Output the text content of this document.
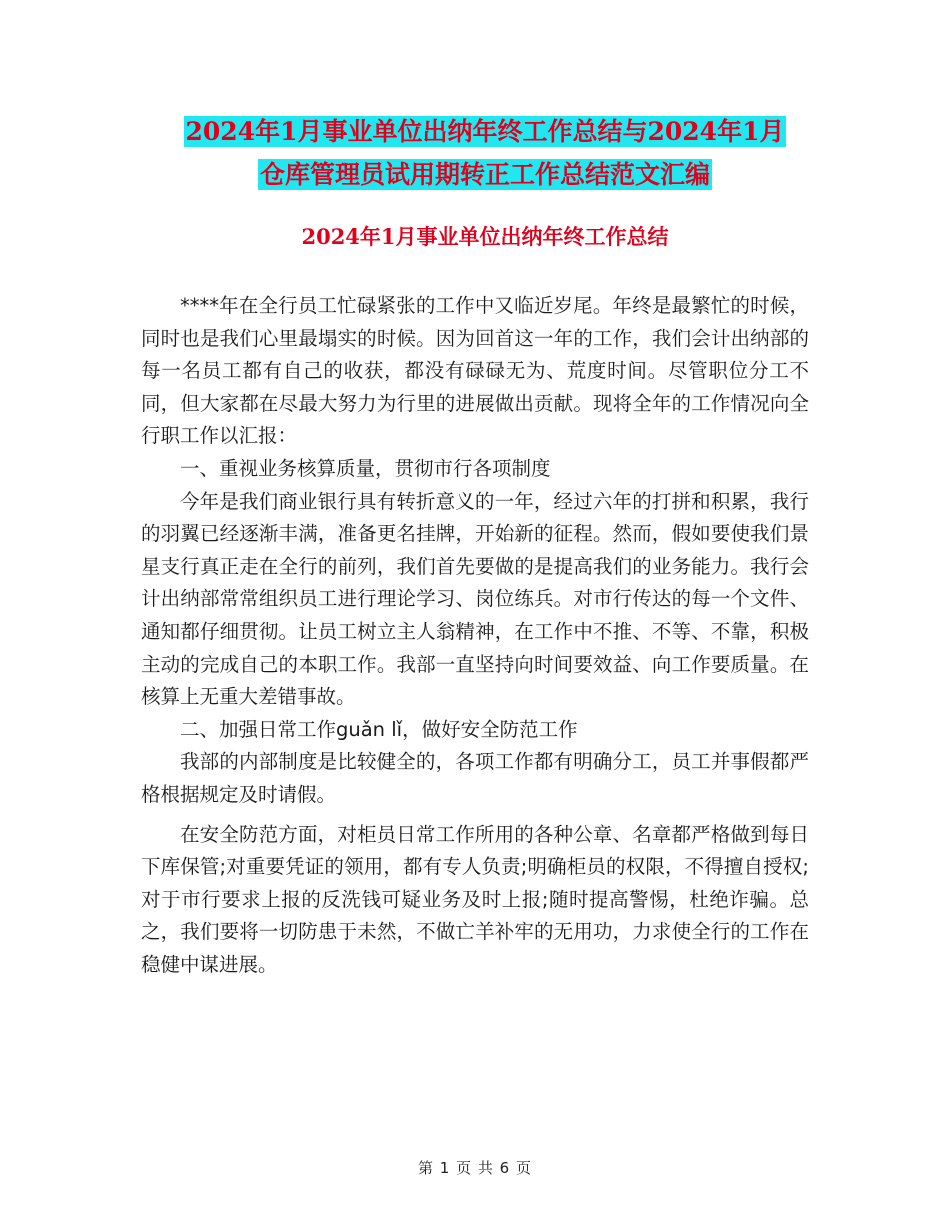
2024年1月事业单位出纳年终工作总结与2024年1月
仓库管理员试用期转正工作总结范文汇编
2024年1月事业单位出纳年终工作总结

****年在全行员工忙碌紧张的工作中又临近岁尾。年终是最繁忙的时候，同时也是我们心里最塌实的时候。因为回首这一年的工作，我们会计出纳部的每一名员工都有自己的收获，都没有碌碌无为、荒度时间。尽管职位分工不同，但大家都在尽最大努力为行里的进展做出贡献。现将全年的工作情况向全行职工作以汇报：

一、重视业务核算质量，贯彻市行各项制度

今年是我们商业银行具有转折意义的一年，经过六年的打拼和积累，我行的羽翼已经逐渐丰满，准备更名挂牌，开始新的征程。然而，假如要使我们景星支行真正走在全行的前列，我们首先要做的是提高我们的业务能力。我行会计出纳部常常组织员工进行理论学习、岗位练兵。对市行传达的每一个文件、通知都仔细贯彻。让员工树立主人翁精神，在工作中不推、不等、不靠，积极主动的完成自己的本职工作。我部一直坚持向时间要效益、向工作要质量。在核算上无重大差错事故。

二、加强日常工作guǎn lǐ，做好安全防范工作

我部的内部制度是比较健全的，各项工作都有明确分工，员工并事假都严格根据规定及时请假。

在安全防范方面，对柜员日常工作所用的各种公章、名章都严格做到每日下库保管;对重要凭证的领用，都有专人负责;明确柜员的权限，不得擅自授权;对于市行要求上报的反洗钱可疑业务及时上报;随时提高警惕，杜绝诈骗。总之，我们要将一切防患于未然，不做亡羊补牢的无用功，力求使全行的工作在稳健中谋进展。

第 1 页 共 6 页
